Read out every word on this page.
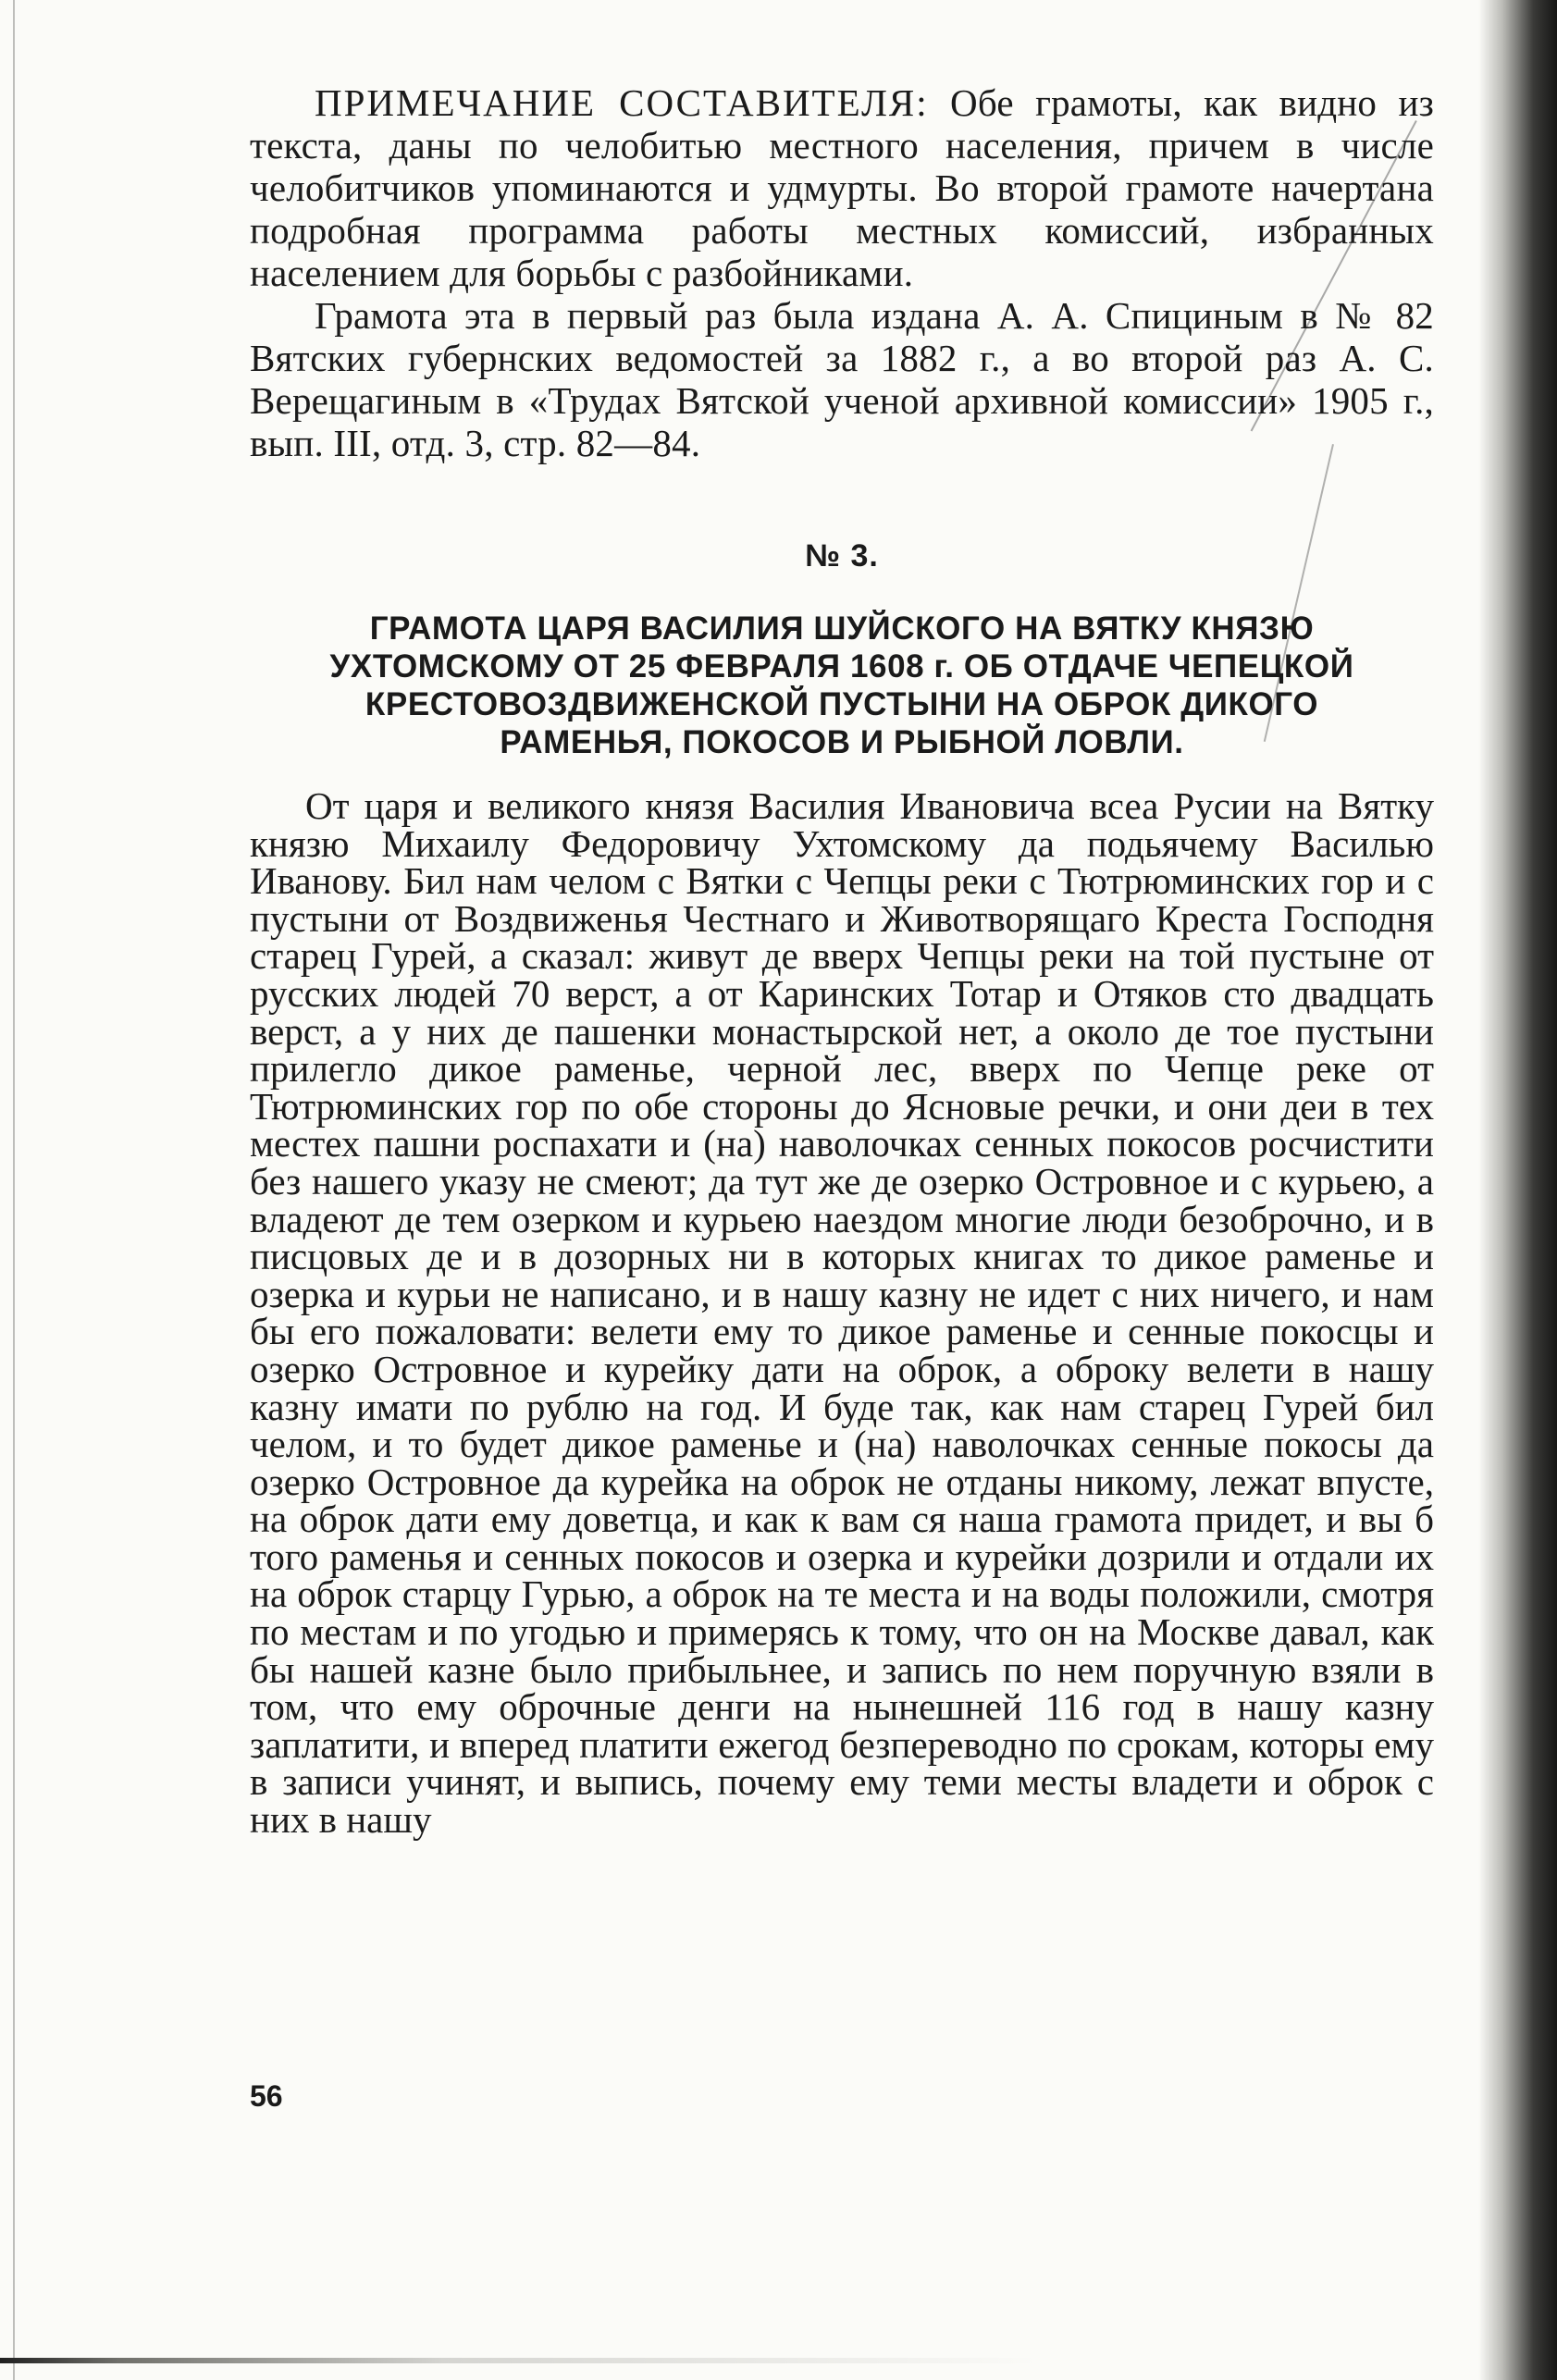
ПРИМЕЧАНИЕ СОСТАВИТЕЛЯ: Обе грамоты, как видно из текста, даны по челобитью местного населения, причем в числе челобитчиков упоминаются и удмурты. Во второй грамоте начертана подробная программа работы местных комиссий, избранных населением для борьбы с разбойниками.

Грамота эта в первый раз была издана А. А. Спициным в № 82 Вятских губернских ведомостей за 1882 г., а во второй раз А. С. Верещагиным в «Трудах Вятской ученой архивной комиссии» 1905 г., вып. III, отд. 3, стр. 82—84.

№ 3.
ГРАМОТА ЦАРЯ ВАСИЛИЯ ШУЙСКОГО НА ВЯТКУ КНЯЗЮ
УХТОМСКОМУ ОТ 25 ФЕВРАЛЯ 1608 г. ОБ ОТДАЧЕ ЧЕПЕЦКОЙ
КРЕСТОВОЗДВИЖЕНСКОЙ ПУСТЫНИ НА ОБРОК ДИКОГО
РАМЕНЬЯ, ПОКОСОВ И РЫБНОЙ ЛОВЛИ.

От царя и великого князя Василия Ивановича всеа Русии на Вятку князю Михаилу Федоровичу Ухтомскому да подьячему Василью Иванову. Бил нам челом с Вятки с Чепцы реки с Тютрюминских гор и с пустыни от Воздвиженья Честнаго и Животворящаго Креста Господня старец Гурей, а сказал: живут де вверх Чепцы реки на той пустыне от русских людей 70 верст, а от Каринских Тотар и Отяков сто двадцать верст, а у них де пашенки монастырской нет, а около де тое пустыни прилегло дикое раменье, черной лес, вверх по Чепце реке от Тютрюминских гор по обе стороны до Ясновые речки, и они деи в тех местех пашни роспахати и (на) наволочках сенных покосов росчистити без нашего указу не смеют; да тут же де озерко Островное и с курьею, а владеют де тем озерком и курьею наездом многие люди безоброчно, и в писцовых де и в дозорных ни в которых книгах то дикое раменье и озерка и курьи не написано, и в нашу казну не идет с них ничего, и нам бы его пожаловати: велети ему то дикое раменье и сенные покосцы и озерко Островное и курейку дати на оброк, а оброку велети в нашу казну имати по рублю на год. И буде так, как нам старец Гурей бил челом, и то будет дикое раменье и (на) наволочках сенные покосы да озерко Островное да курейка на оброк не отданы никому, лежат впусте, на оброк дати ему доветца, и как к вам ся наша грамота придет, и вы б того раменья и сенных покосов и озерка и курейки дозрили и отдали их на оброк старцу Гурью, а оброк на те места и на воды положили, смотря по местам и по угодью и примерясь к тому, что он на Москве давал, как бы нашей казне было прибыльнее, и запись по нем поручную взяли в том, что ему оброчные денги на нынешней 116 год в нашу казну заплатити, и вперед платити ежегод безпереводно по срокам, которы ему в записи учинят, и выпись, почему ему теми месты владети и оброк с них в нашу

56
